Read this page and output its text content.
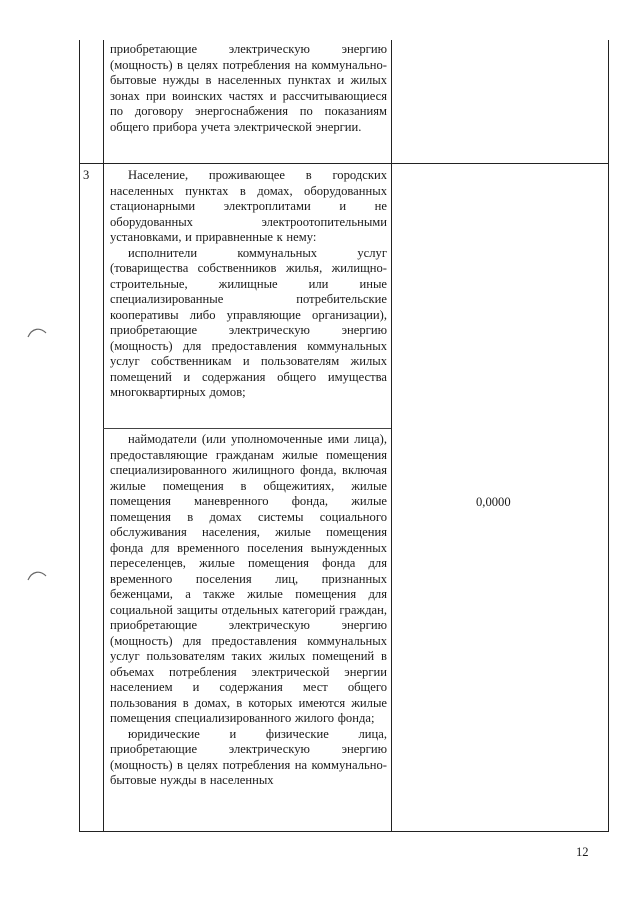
приобретающие электрическую энергию (мощность) в целях потребления на коммунально-бытовые нужды в населенных пунктах и жилых зонах при воинских частях и рассчитывающиеся по договору энергоснабжения по показаниям общего прибора учета электрической энергии.

3	Население, проживающее в городских населенных пунктах в домах, оборудованных стационарными электроплитами и не оборудованных электроотопительными установками, и приравненные к нему:

исполнители коммунальных услуг (товарищества собственников жилья, жилищно-строительные, жилищные или иные специализированные потребительские кооперативы либо управляющие организации), приобретающие электрическую энергию (мощность) для предоставления коммунальных услуг собственникам и пользователям жилых помещений и содержания общего имущества многоквартирных домов;

наймодатели (или уполномоченные ими лица), предоставляющие гражданам жилые помещения специализированного жилищного фонда, включая жилые помещения в общежитиях, жилые помещения маневренного фонда, жилые помещения в домах системы социального обслуживания населения, жилые помещения фонда для временного поселения вынужденных переселенцев, жилые помещения фонда для временного поселения лиц, признанных беженцами, а также жилые помещения для социальной защиты отдельных категорий граждан, приобретающие электрическую энергию (мощность) для предоставления коммунальных услуг пользователям таких жилых помещений в объемах потребления электрической энергии населением и содержания мест общего пользования в домах, в которых имеются жилые помещения специализированного жилого фонда;

юридические и физические лица, приобретающие электрическую энергию (мощность) в целях потребления на коммунально-бытовые нужды в населенных

0,0000
12
